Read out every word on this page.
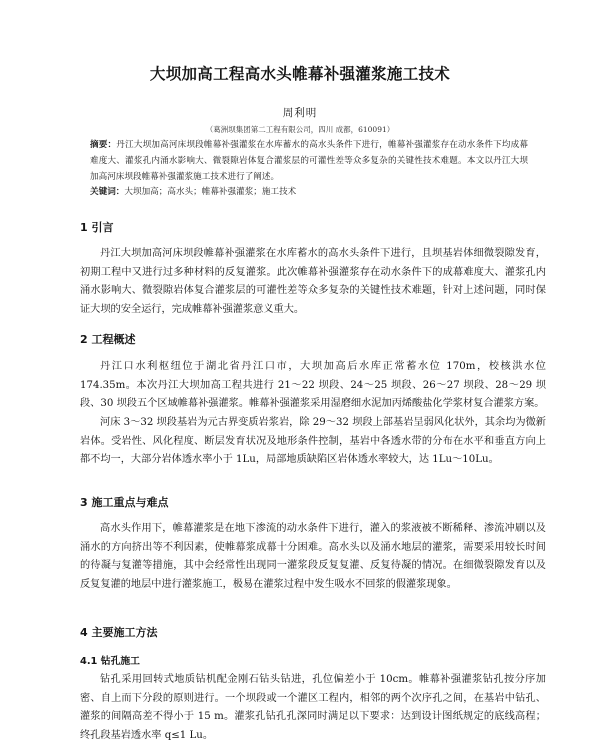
大坝加高工程高水头帷幕补强灌浆施工技术
周利明
（葛洲坝集团第二工程有限公司，四川 成都，610091）
摘要：丹江大坝加高河床坝段帷幕补强灌浆在水库蓄水的高水头条件下进行，帷幕补强灌浆存在动水条件下均成幕难度大、灌浆孔内涌水影响大、微裂隙岩体复合灌浆层的可灌性差等众多复杂的关键性技术难题。本文以丹江大坝加高河床坝段帷幕补强灌浆施工技术进行了阐述。
关键词：大坝加高；高水头；帷幕补强灌浆；施工技术
1 引言

丹江大坝加高河床坝段帷幕补强灌浆在水库蓄水的高水头条件下进行，且坝基岩体细微裂隙发育，初期工程中又进行过多种材料的反复灌浆。此次帷幕补强灌浆存在动水条件下的成幕难度大、灌浆孔内涌水影响大、微裂隙岩体复合灌浆层的可灌性差等众多复杂的关键性技术难题，针对上述问题，同时保证大坝的安全运行，完成帷幕补强灌浆意义重大。

2 工程概述

丹江口水利枢纽位于湖北省丹江口市，大坝加高后水库正常蓄水位 170m，校核洪水位 174.35m。本次丹江大坝加高工程共进行 21～22 坝段、24～25 坝段、26～27 坝段、28～29 坝段、30 坝段五个区域帷幕补强灌浆。帷幕补强灌浆采用湿磨细水泥加丙烯酸盐化学浆材复合灌浆方案。

河床 3～32 坝段基岩为元古界变质岩浆岩，除 29～32 坝段上部基岩呈弱风化状外，其余均为微新岩体。受岩性、风化程度、断层发育状况及地形条件控制，基岩中各透水带的分布在水平和垂直方向上都不均一，大部分岩体透水率小于 1Lu，局部地质缺陷区岩体透水率较大，达 1Lu～10Lu。

3 施工重点与难点

高水头作用下，帷幕灌浆是在地下渗流的动水条件下进行，灌入的浆液被不断稀释、渗流冲刷以及涌水的方向挤出等不利因素，使帷幕浆成幕十分困难。高水头以及涌水地层的灌浆，需要采用较长时间的待凝与复灌等措施，其中会经常性出现同一灌浆段反复复灌、反复待凝的情况。在细微裂隙发育以及反复复灌的地层中进行灌浆施工，极易在灌浆过程中发生吸水不回浆的假灌浆现象。

4 主要施工方法
4.1 钻孔施工

钻孔采用回转式地质钻机配金刚石钻头钻进，孔位偏差小于 10cm。帷幕补强灌浆钻孔按分序加密、自上而下分段的原则进行。一个坝段或一个灌区工程内，相邻的两个次序孔之间，在基岩中钻孔、灌浆的间隔高差不得小于 15 m。灌浆孔钻孔孔深同时满足以下要求：达到设计图纸规定的底线高程；终孔段基岩透水率 q≤1 Lu。
